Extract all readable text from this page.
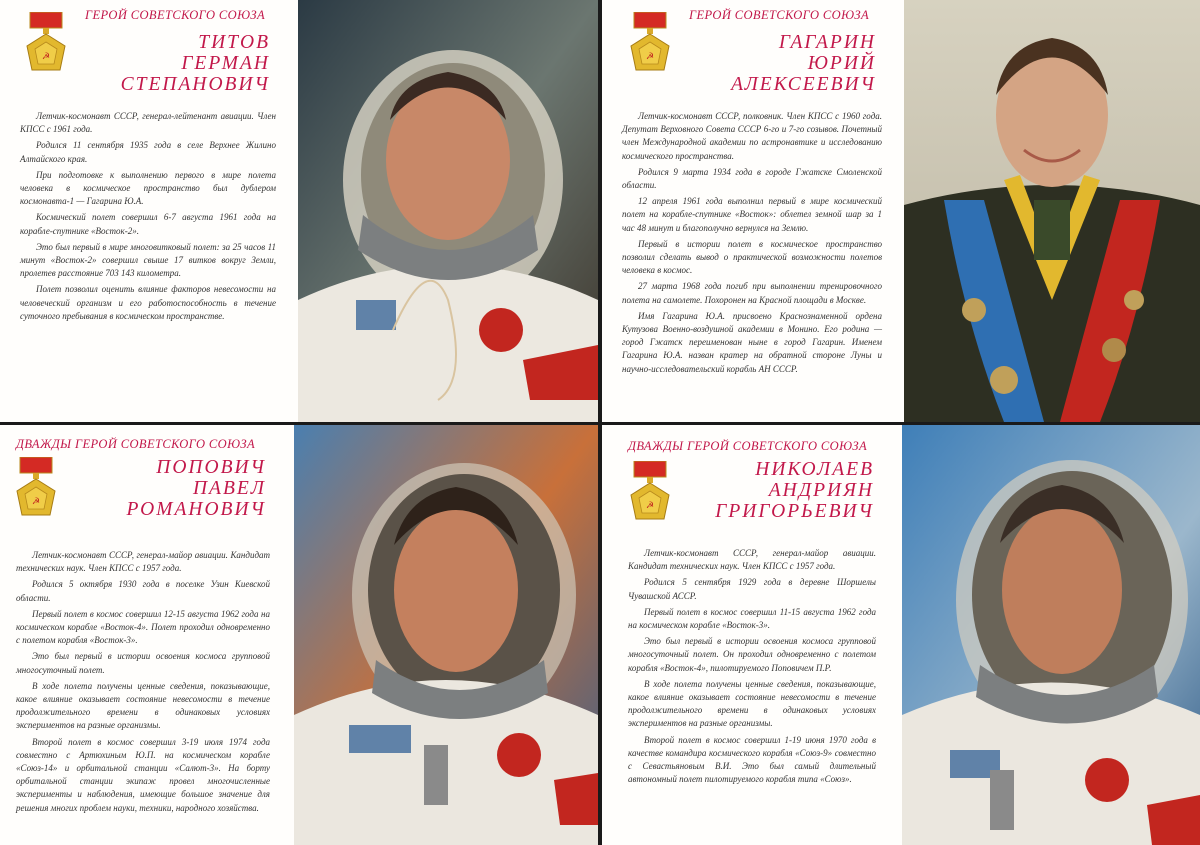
☭
ГЕРОЙ СОВЕТСКОГО СОЮЗА
ТИТОВ
ГЕРМАН
СТЕПАНОВИЧ

Летчик-космонавт СССР, генерал-лейтенант авиации. Член КПСС с 1961 года.

Родился 11 сентября 1935 года в селе Верхнее Жилино Алтайского края.

При подготовке к выполнению первого в мире полета человека в космическое пространство был дублером космонавта-1 — Гагарина Ю.А.

Космический полет совершил 6-7 августа 1961 года на корабле-спутнике «Восток-2».

Это был первый в мире многовитковый полет: за 25 часов 11 минут «Восток-2» совершил свыше 17 витков вокруг Земли, пролетев расстояние 703 143 километра.

Полет позволил оценить влияние факторов невесомости на человеческий организм и его работоспособность в течение суточного пребывания в космическом пространстве.

☭
ГЕРОЙ СОВЕТСКОГО СОЮЗА
ГАГАРИН
ЮРИЙ
АЛЕКСЕЕВИЧ

Летчик-космонавт СССР, полковник. Член КПСС с 1960 года. Депутат Верховного Совета СССР 6-го и 7-го созывов. Почетный член Международной академии по астронавтике и исследованию космического пространства.

Родился 9 марта 1934 года в городе Гжатске Смоленской области.

12 апреля 1961 года выполнил первый в мире космический полет на корабле-спутнике «Восток»: облетел земной шар за 1 час 48 минут и благополучно вернулся на Землю.

Первый в истории полет в космическое пространство позволил сделать вывод о практической возможности полетов человека в космос.

27 марта 1968 года погиб при выполнении тренировочного полета на самолете. Похоронен на Красной площади в Москве.

Имя Гагарина Ю.А. присвоено Краснознаменной ордена Кутузова Военно-воздушной академии в Монино. Его родина — город Гжатск переименован ныне в город Гагарин. Именем Гагарина Ю.А. назван кратер на обратной стороне Луны и научно-исследовательский корабль АН СССР.

☭
ДВАЖДЫ ГЕРОЙ СОВЕТСКОГО СОЮЗА
ПОПОВИЧ
ПАВЕЛ
РОМАНОВИЧ

Летчик-космонавт СССР, генерал-майор авиации. Кандидат технических наук. Член КПСС с 1957 года.

Родился 5 октября 1930 года в поселке Узин Киевской области.

Первый полет в космос совершил 12-15 августа 1962 года на космическом корабле «Восток-4». Полет проходил одновременно с полетом корабля «Восток-3».

Это был первый в истории освоения космоса групповой многосуточный полет.

В ходе полета получены ценные сведения, показывающие, какое влияние оказывает состояние невесомости в течение продолжительного времени в одинаковых условиях экспериментов на разные организмы.

Второй полет в космос совершил 3-19 июля 1974 года совместно с Артюхиным Ю.П. на космическом корабле «Союз-14» и орбитальной станции «Салют-3». На борту орбитальной станции экипаж провел многочисленные эксперименты и наблюдения, имеющие большое значение для решения многих проблем науки, техники, народного хозяйства.

☭
ДВАЖДЫ ГЕРОЙ СОВЕТСКОГО СОЮЗА
НИКОЛАЕВ
АНДРИЯН
ГРИГОРЬЕВИЧ

Летчик-космонавт СССР, генерал-майор авиации. Кандидат технических наук. Член КПСС с 1957 года.

Родился 5 сентября 1929 года в деревне Шоршелы Чувашской АССР.

Первый полет в космос совершил 11-15 августа 1962 года на космическом корабле «Восток-3».

Это был первый в истории освоения космоса групповой многосуточный полет. Он проходил одновременно с полетом корабля «Восток-4», пилотируемого Поповичем П.Р.

В ходе полета получены ценные сведения, показывающие, какое влияние оказывает состояние невесомости в течение продолжительного времени в одинаковых условиях экспериментов на разные организмы.

Второй полет в космос совершил 1-19 июня 1970 года в качестве командира космического корабля «Союз-9» совместно с Севастьяновым В.И. Это был самый длительный автономный полет пилотируемого корабля типа «Союз».
